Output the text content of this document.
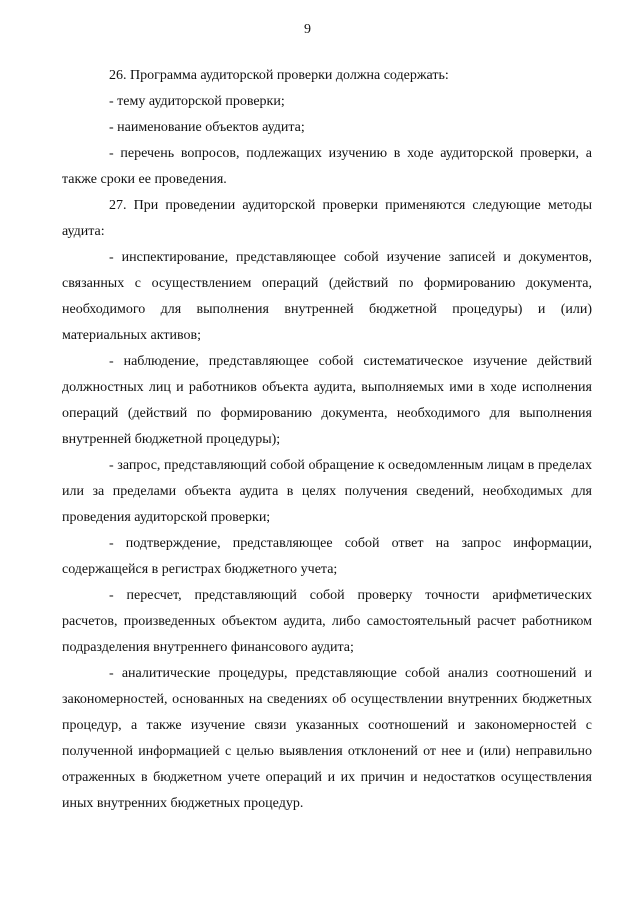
9

26. Программа аудиторской проверки должна содержать:

- тему аудиторской проверки;

- наименование объектов аудита;

- перечень вопросов, подлежащих изучению в ходе аудиторской проверки, а также сроки ее проведения.

27. При проведении аудиторской проверки применяются следующие методы аудита:

- инспектирование, представляющее собой изучение записей и документов, связанных с осуществлением операций (действий по формированию документа, необходимого для выполнения внутренней бюджетной процедуры) и (или) материальных активов;

- наблюдение, представляющее собой систематическое изучение действий должностных лиц и работников объекта аудита, выполняемых ими в ходе исполнения операций (действий по формированию документа, необходимого для выполнения внутренней бюджетной процедуры);

- запрос, представляющий собой обращение к осведомленным лицам в пределах или за пределами объекта аудита в целях получения сведений, необходимых для проведения аудиторской проверки;

- подтверждение, представляющее собой ответ на запрос информации, содержащейся в регистрах бюджетного учета;

- пересчет, представляющий собой проверку точности арифметических расчетов, произведенных объектом аудита, либо самостоятельный расчет работником подразделения внутреннего финансового аудита;

- аналитические процедуры, представляющие собой анализ соотношений и закономерностей, основанных на сведениях об осуществлении внутренних бюджетных процедур, а также изучение связи указанных соотношений и закономерностей с полученной информацией с целью выявления отклонений от нее и (или) неправильно отраженных в бюджетном учете операций и их причин и недостатков осуществления иных внутренних бюджетных процедур.
